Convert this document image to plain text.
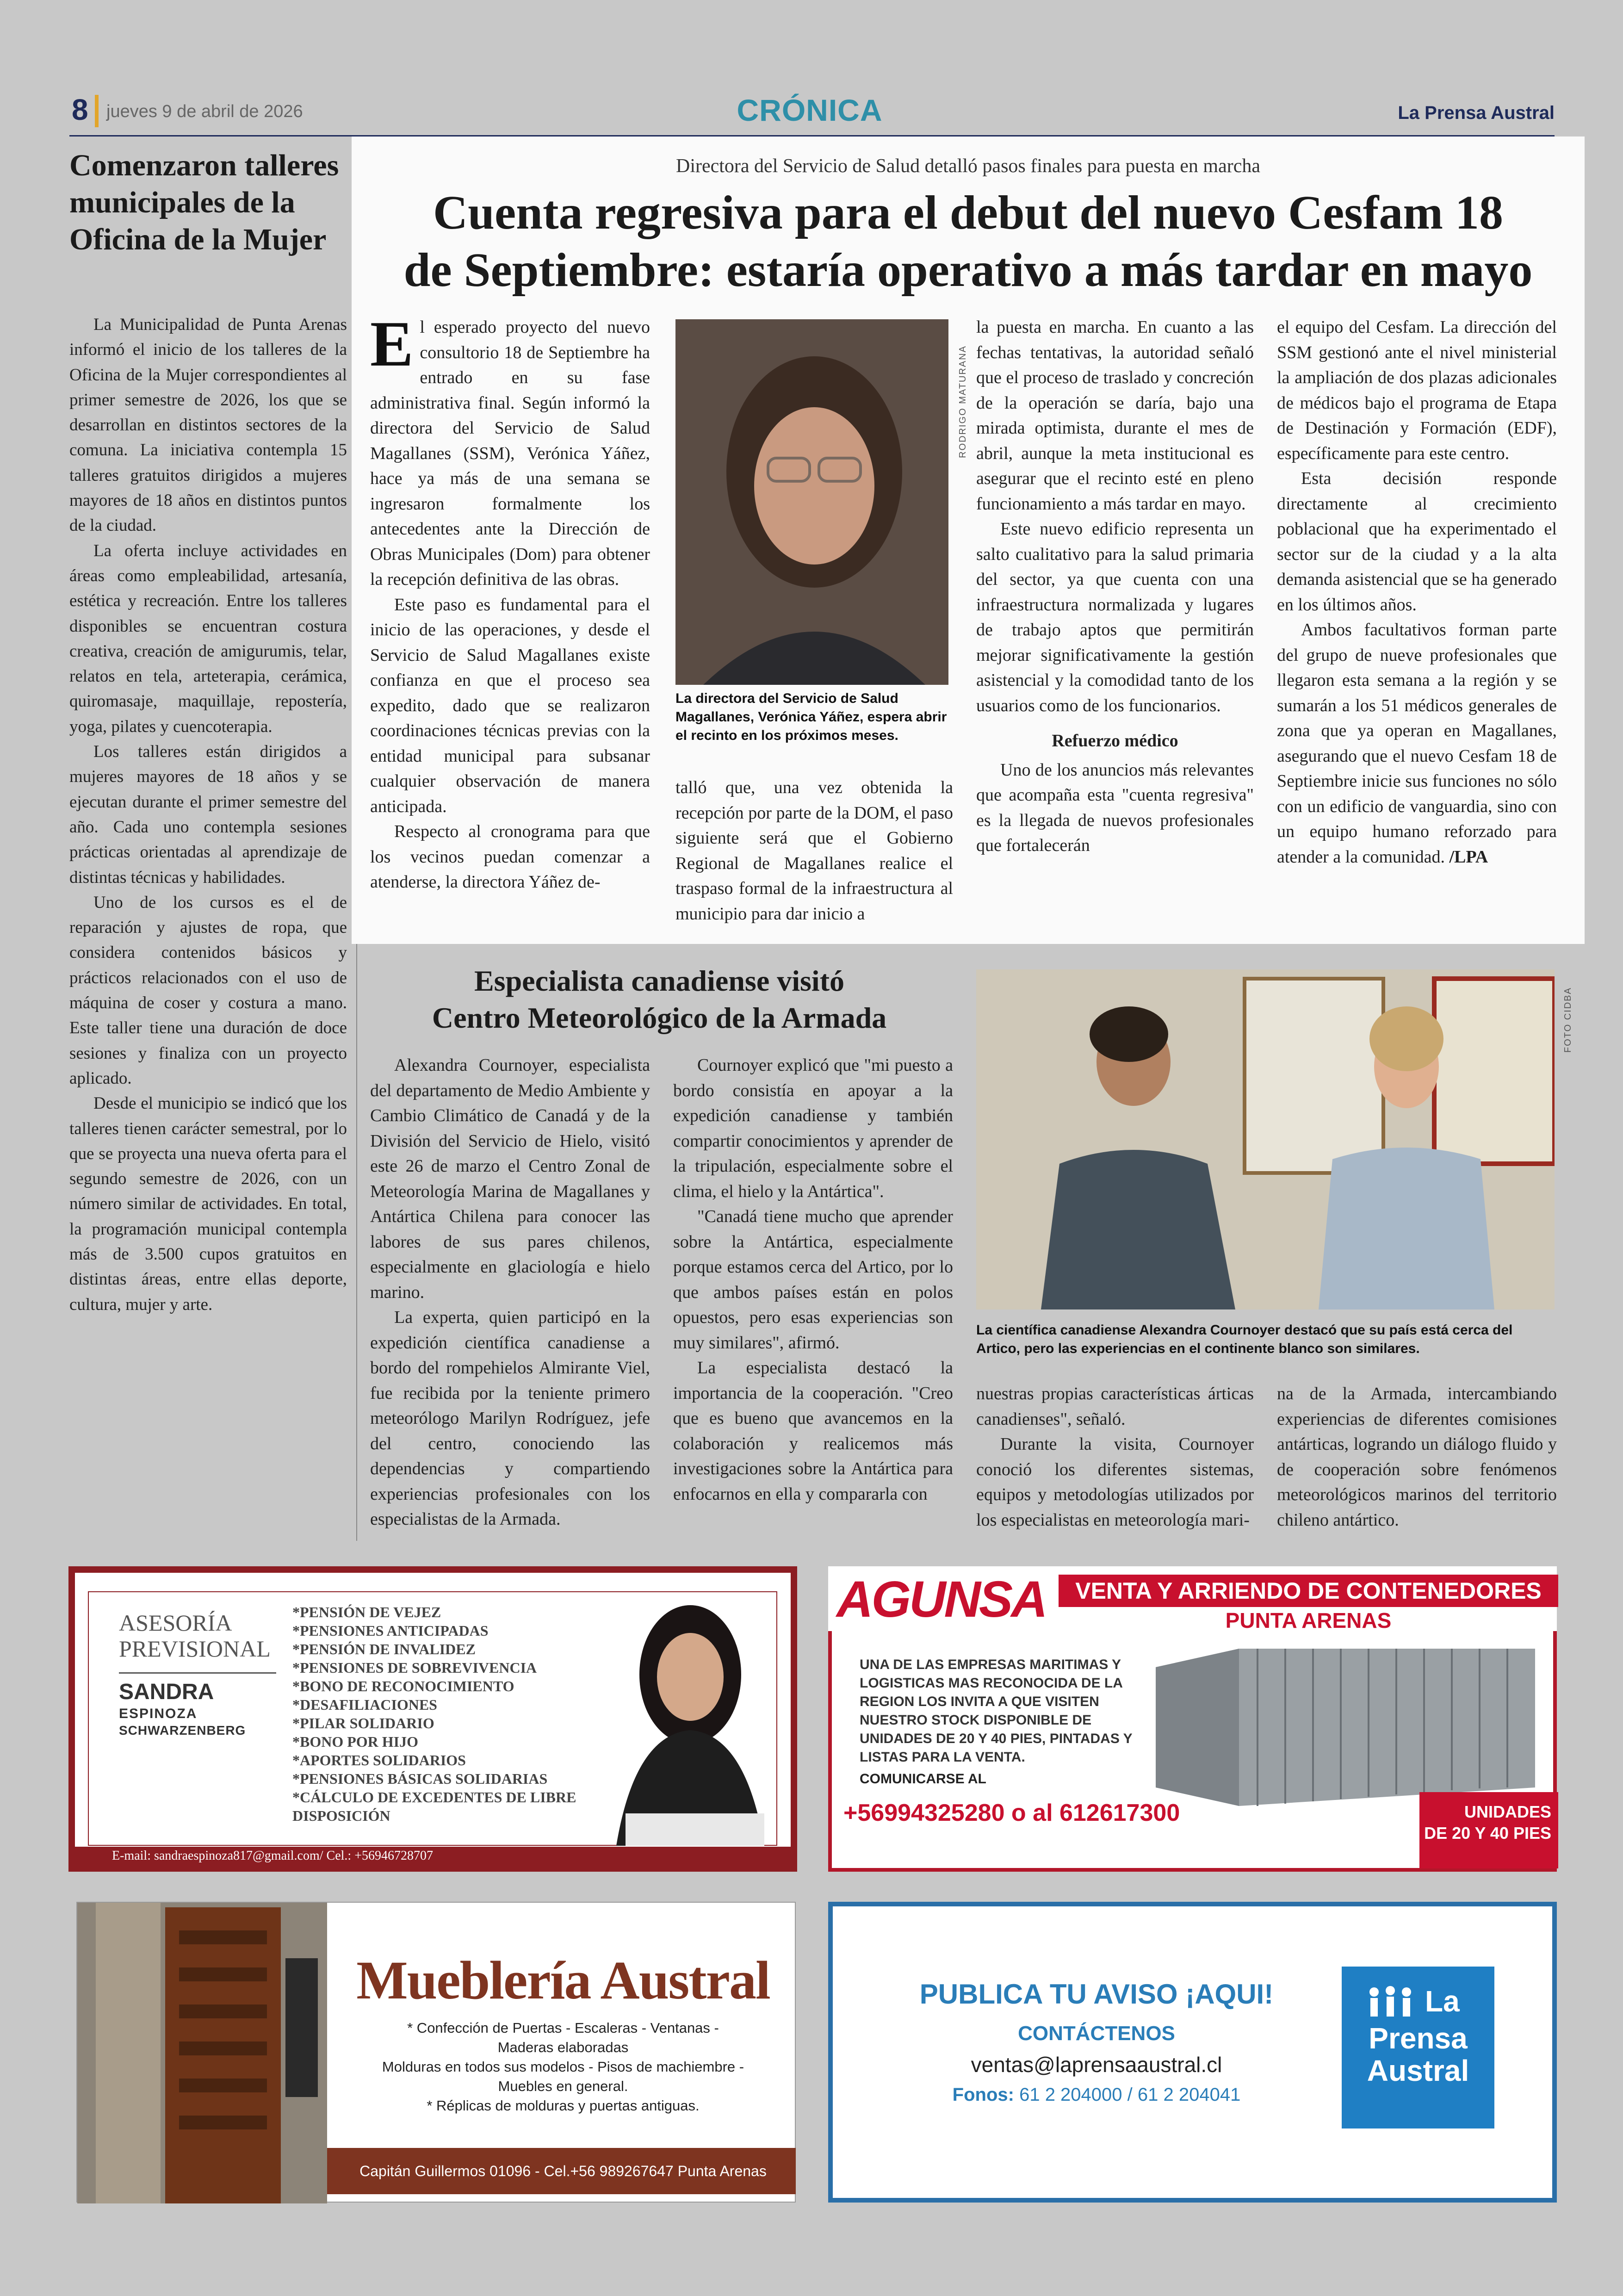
8 jueves 9 de abril de 2026	CRÓNICA	La Prensa Austral
Comenzaron talleres municipales de la Oficina de la Mujer

La Municipalidad de Punta Arenas informó el inicio de los talleres de la Oficina de la Mujer correspondientes al primer semestre de 2026, los que se desarrollan en distintos sectores de la comuna. La iniciativa contempla 15 talleres gratuitos dirigidos a mujeres mayores de 18 años en distintos puntos de la ciudad.

La oferta incluye actividades en áreas como empleabilidad, artesanía, estética y recreación. Entre los talleres disponibles se encuentran costura creativa, creación de amigurumis, telar, relatos en tela, arteterapia, cerámica, quiromasaje, maquillaje, repostería, yoga, pilates y cuencoterapia.

Los talleres están dirigidos a mujeres mayores de 18 años y se ejecutan durante el primer semestre del año. Cada uno contempla sesiones prácticas orientadas al aprendizaje de distintas técnicas y habilidades.

Uno de los cursos es el de reparación y ajustes de ropa, que considera contenidos básicos y prácticos relacionados con el uso de máquina de coser y costura a mano. Este taller tiene una duración de doce sesiones y finaliza con un proyecto aplicado.

Desde el municipio se indicó que los talleres tienen carácter semestral, por lo que se proyecta una nueva oferta para el segundo semestre de 2026, con un número similar de actividades. En total, la programación municipal contempla más de 3.500 cupos gratuitos en distintas áreas, entre ellas deporte, cultura, mujer y arte.

Directora del Servicio de Salud detalló pasos finales para puesta en marcha
Cuenta regresiva para el debut del nuevo Cesfam 18
de Septiembre: estaría operativo a más tardar en mayo

El esperado proyecto del nuevo consultorio 18 de Septiembre ha entrado en su fase administrativa final. Según informó la directora del Servicio de Salud Magallanes (SSM), Verónica Yáñez, hace ya más de una semana se ingresaron formalmente los antecedentes ante la Dirección de Obras Municipales (Dom) para obtener la recepción definitiva de las obras.

Este paso es fundamental para el inicio de las operaciones, y desde el Servicio de Salud Magallanes existe confianza en que el proceso sea expedito, dado que se realizaron coordinaciones técnicas previas con la entidad municipal para subsanar cualquier observación de manera anticipada.

Respecto al cronograma para que los vecinos puedan comenzar a atenderse, la directora Yáñez de-

RODRIGO MATURANA
La directora del Servicio de Salud Magallanes, Verónica Yáñez, espera abrir el recinto en los próximos meses.

talló que, una vez obtenida la recepción por parte de la DOM, el paso siguiente será que el Gobierno Regional de Magallanes realice el traspaso formal de la infraestructura al municipio para dar inicio a

la puesta en marcha. En cuanto a las fechas tentativas, la autoridad señaló que el proceso de traslado y concreción de la operación se daría, bajo una mirada optimista, durante el mes de abril, aunque la meta institucional es asegurar que el recinto esté en pleno funcionamiento a más tardar en mayo.

Este nuevo edificio representa un salto cualitativo para la salud primaria del sector, ya que cuenta con una infraestructura normalizada y lugares de trabajo aptos que permitirán mejorar significativamente la gestión asistencial y la comodidad tanto de los usuarios como de los funcionarios.

Refuerzo médico

Uno de los anuncios más relevantes que acompaña esta "cuenta regresiva" es la llegada de nuevos profesionales que fortalecerán

el equipo del Cesfam. La dirección del SSM gestionó ante el nivel ministerial la ampliación de dos plazas adicionales de médicos bajo el programa de Etapa de Destinación y Formación (EDF), específicamente para este centro.

Esta decisión responde directamente al crecimiento poblacional que ha experimentado el sector sur de la ciudad y a la alta demanda asistencial que se ha generado en los últimos años.

Ambos facultativos forman parte del grupo de nueve profesionales que llegaron esta semana a la región y se sumarán a los 51 médicos generales de zona que ya operan en Magallanes, asegurando que el nuevo Cesfam 18 de Septiembre inicie sus funciones no sólo con un edificio de vanguardia, sino con un equipo humano reforzado para atender a la comunidad. /LPA

Especialista canadiense visitó
Centro Meteorológico de la Armada

Alexandra Cournoyer, especialista del departamento de Medio Ambiente y Cambio Climático de Canadá y de la División del Servicio de Hielo, visitó este 26 de marzo el Centro Zonal de Meteorología Marina de Magallanes y Antártica Chilena para conocer las labores de sus pares chilenos, especialmente en glaciología e hielo marino.

La experta, quien participó en la expedición científica canadiense a bordo del rompehielos Almirante Viel, fue recibida por la teniente primero meteorólogo Marilyn Rodríguez, jefe del centro, conociendo las dependencias y compartiendo experiencias profesionales con los especialistas de la Armada.

Cournoyer explicó que "mi puesto a bordo consistía en apoyar a la expedición canadiense y también compartir conocimientos y aprender de la tripulación, especialmente sobre el clima, el hielo y la Antártica".

"Canadá tiene mucho que aprender sobre la Antártica, especialmente porque estamos cerca del Artico, por lo que ambos países están en polos opuestos, pero esas experiencias son muy similares", afirmó.

La especialista destacó la importancia de la cooperación. "Creo que es bueno que avancemos en la colaboración y realicemos más investigaciones sobre la Antártica para enfocarnos en ella y compararla con

FOTO CIDBA
La científica canadiense Alexandra Cournoyer destacó que su país está cerca del Artico, pero las experiencias en el continente blanco son similares.

nuestras propias características árticas canadienses", señaló.

Durante la visita, Cournoyer conoció los diferentes sistemas, equipos y metodologías utilizados por los especialistas en meteorología mari-

na de la Armada, intercambiando experiencias de diferentes comisiones antárticas, logrando un diálogo fluido y de cooperación sobre fenómenos meteorológicos marinos del territorio chileno antártico.

ASESORÍA
PREVISIONAL
SANDRA
ESPINOZA
SCHWARZENBERG
*PENSIÓN DE VEJEZ
*PENSIONES ANTICIPADAS
*PENSIÓN DE INVALIDEZ
*PENSIONES DE SOBREVIVENCIA
*BONO DE RECONOCIMIENTO
*DESAFILIACIONES
*PILAR SOLIDARIO
*BONO POR HIJO
*APORTES SOLIDARIOS
*PENSIONES BÁSICAS SOLIDARIAS
*CÁLCULO DE EXCEDENTES DE LIBRE DISPOSICIÓN
E-mail: sandraespinoza817@gmail.com/ Cel.: +56946728707
AGUNSA	VENTA Y ARRIENDO DE CONTENEDORES
PUNTA ARENAS
UNA DE LAS EMPRESAS MARITIMAS Y LOGISTICAS MAS RECONOCIDA DE LA REGION LOS INVITA A QUE VISITEN NUESTRO STOCK DISPONIBLE DE UNIDADES DE 20 Y 40 PIES, PINTADAS Y LISTAS PARA LA VENTA.
COMUNICARSE AL
+56994325280 o al 612617300	UNIDADES
DE 20 Y 40 PIES
Mueblería Austral
* Confección de Puertas - Escaleras - Ventanas -
Maderas elaboradas
Molduras en todos sus modelos - Pisos de machiembre -
Muebles en general.
* Réplicas de molduras y puertas antiguas.
Capitán Guillermos 01096 - Cel.+56 989267647 Punta Arenas
PUBLICA TU AVISO ¡AQUI!
CONTÁCTENOS
ventas@laprensaaustral.cl
Fonos: 61 2 204000 / 61 2 204041
La
Prensa
Austral
